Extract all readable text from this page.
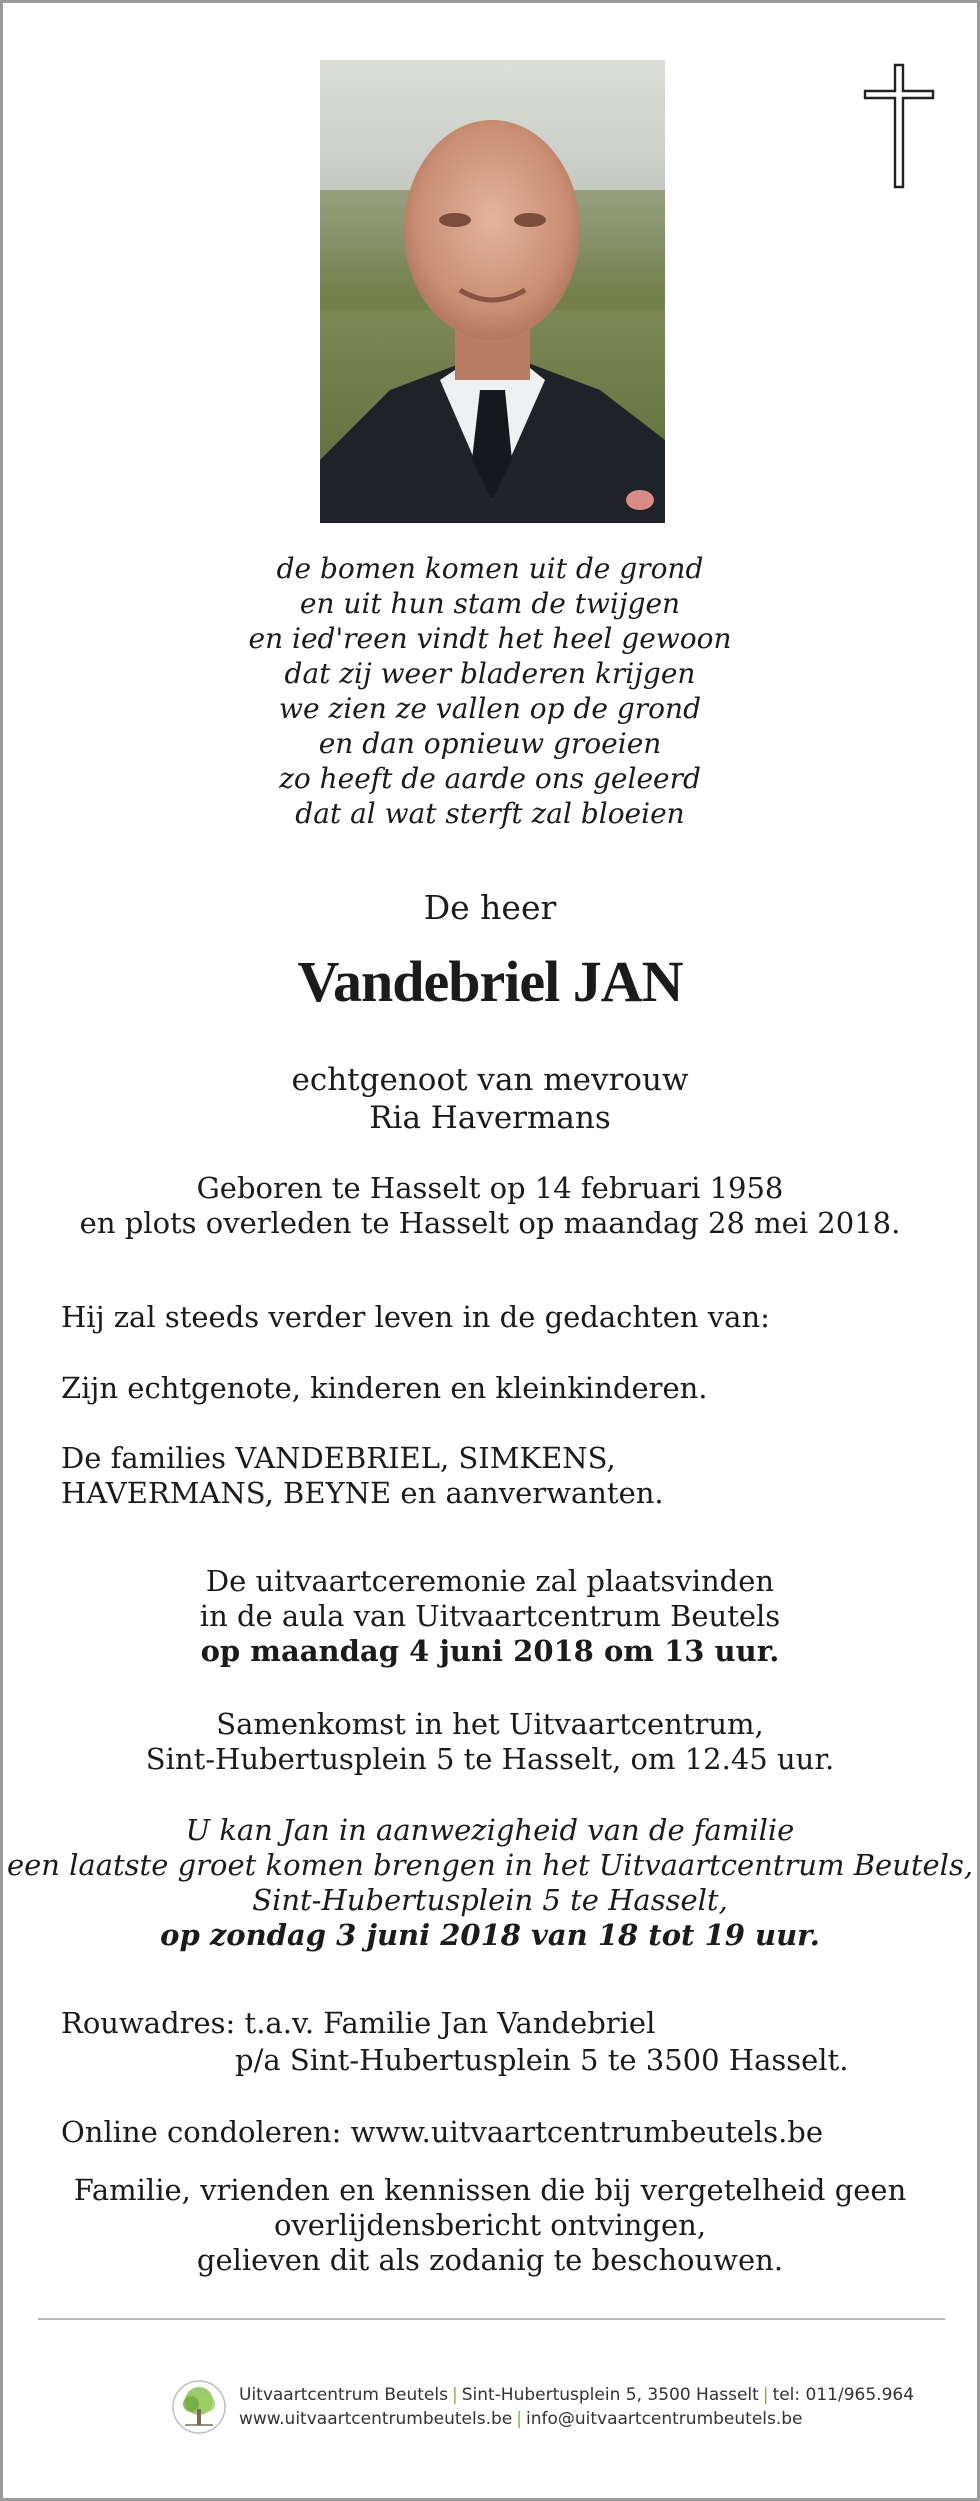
de bomen komen uit de grond
en uit hun stam de twijgen
en ied'reen vindt het heel gewoon
dat zij weer bladeren krijgen
we zien ze vallen op de grond
en dan opnieuw groeien
zo heeft de aarde ons geleerd
dat al wat sterft zal bloeien
De heer
Vandebriel JAN
echtgenoot van mevrouw
Ria Havermans
Geboren te Hasselt op 14 februari 1958
en plots overleden te Hasselt op maandag 28 mei 2018.
Hij zal steeds verder leven in de gedachten van:
Zijn echtgenote, kinderen en kleinkinderen.
De families VANDEBRIEL, SIMKENS,
HAVERMANS, BEYNE en aanverwanten.
De uitvaartceremonie zal plaatsvinden
in de aula van Uitvaartcentrum Beutels
op maandag 4 juni 2018 om 13 uur.
Samenkomst in het Uitvaartcentrum,
Sint-Hubertusplein 5 te Hasselt, om 12.45 uur.
U kan Jan in aanwezigheid van de familie
een laatste groet komen brengen in het Uitvaartcentrum Beutels,
Sint-Hubertusplein 5 te Hasselt,
op zondag 3 juni 2018 van 18 tot 19 uur.
Rouwadres: t.a.v. Familie Jan Vandebriel
p/a Sint-Hubertusplein 5 te 3500 Hasselt.
Online condoleren: www.uitvaartcentrumbeutels.be
Familie, vrienden en kennissen die bij vergetelheid geen
overlijdensbericht ontvingen,
gelieven dit als zodanig te beschouwen.
Uitvaartcentrum Beutels | Sint-Hubertusplein 5, 3500 Hasselt | tel: 011/965.964
www.uitvaartcentrumbeutels.be | info@uitvaartcentrumbeutels.be
